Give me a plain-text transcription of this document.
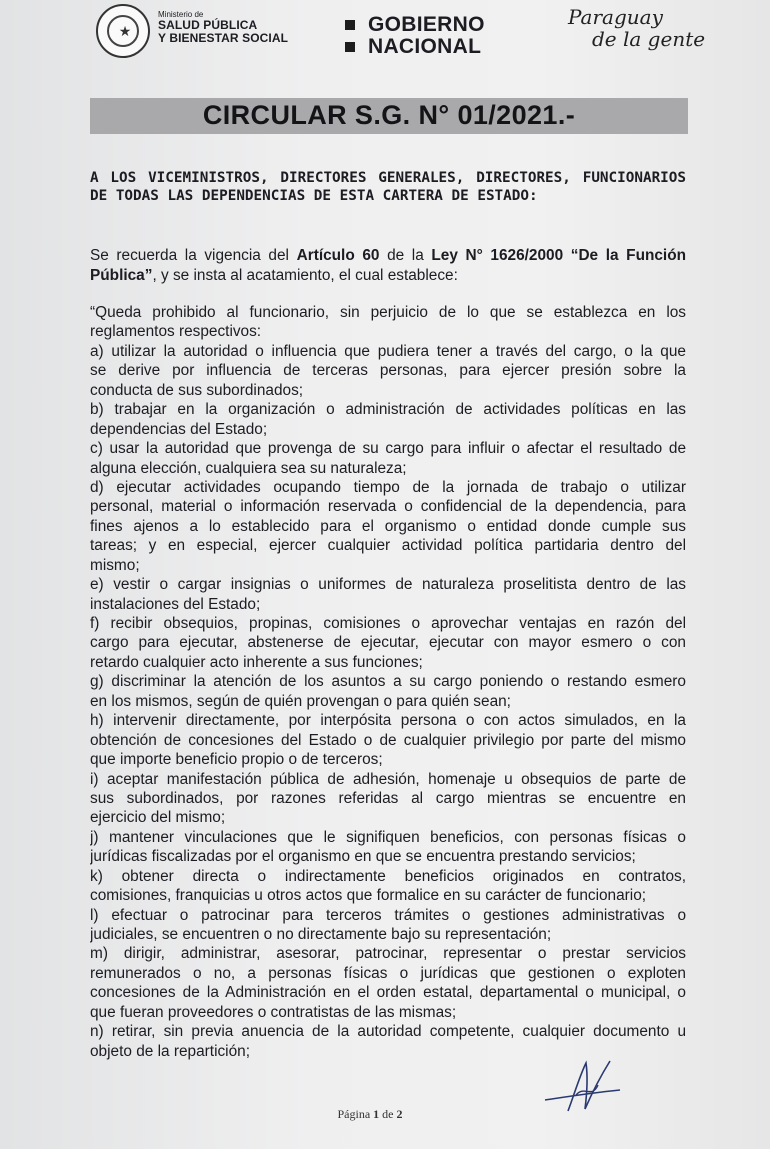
★
Ministerio de
SALUD PÚBLICA
Y BIENESTAR SOCIAL
GOBIERNO
NACIONAL
Paraguay
de la gente
CIRCULAR S.G. N° 01/2021.-
A LOS VICEMINISTROS, DIRECTORES GENERALES, DIRECTORES, FUNCIONARIOS DE TODAS LAS DEPENDENCIAS DE ESTA CARTERA DE ESTADO:
Se recuerda la vigencia del Artículo 60 de la Ley N° 1626/2000 “De la Función Pública”, y se insta al acatamiento, el cual establece:
“Queda prohibido al funcionario, sin perjuicio de lo que se establezca en los
reglamentos respectivos:
a) utilizar la autoridad o influencia que pudiera tener a través del cargo, o la que
se derive por influencia de terceras personas, para ejercer presión sobre la
conducta de sus subordinados;
b) trabajar en la organización o administración de actividades políticas en las
dependencias del Estado;
c) usar la autoridad que provenga de su cargo para influir o afectar el resultado de
alguna elección, cualquiera sea su naturaleza;
d) ejecutar actividades ocupando tiempo de la jornada de trabajo o utilizar
personal, material o información reservada o confidencial de la dependencia, para
fines ajenos a lo establecido para el organismo o entidad donde cumple sus
tareas; y en especial, ejercer cualquier actividad política partidaria dentro del
mismo;
e) vestir o cargar insignias o uniformes de naturaleza proselitista dentro de las
instalaciones del Estado;
f) recibir obsequios, propinas, comisiones o aprovechar ventajas en razón del
cargo para ejecutar, abstenerse de ejecutar, ejecutar con mayor esmero o con
retardo cualquier acto inherente a sus funciones;
g) discriminar la atención de los asuntos a su cargo poniendo o restando esmero
en los mismos, según de quién provengan o para quién sean;
h) intervenir directamente, por interpósita persona o con actos simulados, en la
obtención de concesiones del Estado o de cualquier privilegio por parte del mismo
que importe beneficio propio o de terceros;
i) aceptar manifestación pública de adhesión, homenaje u obsequios de parte de
sus subordinados, por razones referidas al cargo mientras se encuentre en
ejercicio del mismo;
j) mantener vinculaciones que le signifiquen beneficios, con personas físicas o
jurídicas fiscalizadas por el organismo en que se encuentra prestando servicios;
k) obtener directa o indirectamente beneficios originados en contratos,
comisiones, franquicias u otros actos que formalice en su carácter de funcionario;
l) efectuar o patrocinar para terceros trámites o gestiones administrativas o
judiciales, se encuentren o no directamente bajo su representación;
m) dirigir, administrar, asesorar, patrocinar, representar o prestar servicios
remunerados o no, a personas físicas o jurídicas que gestionen o exploten
concesiones de la Administración en el orden estatal, departamental o municipal, o
que fueran proveedores o contratistas de las mismas;
n) retirar, sin previa anuencia de la autoridad competente, cualquier documento u
objeto de la repartición;
Página 1 de 2
